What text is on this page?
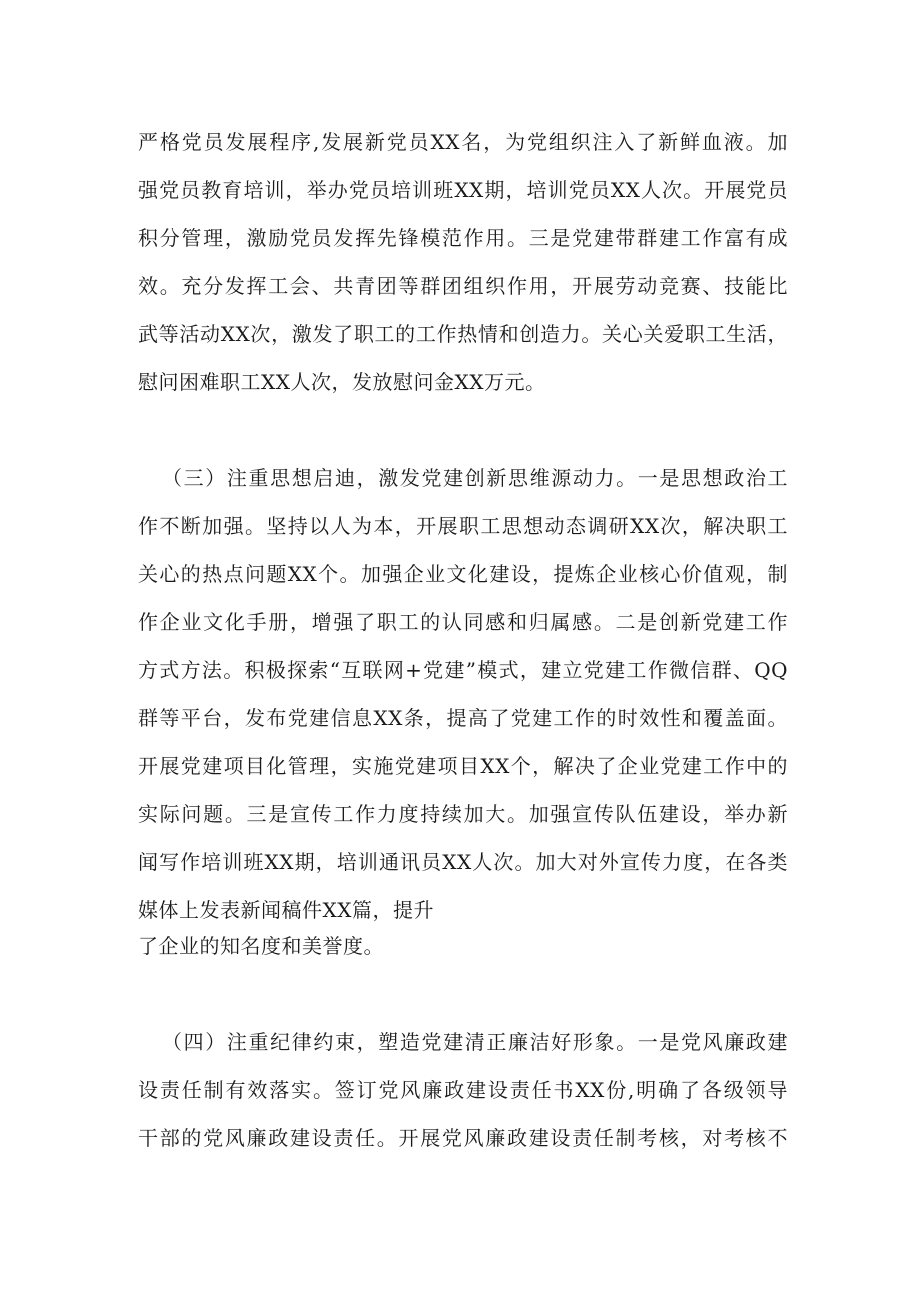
严格党员发展程序,发展新党员XX名，为党组织注入了新鲜血液。加
强党员教育培训，举办党员培训班XX期，培训党员XX人次。开展党员
积分管理，激励党员发挥先锋模范作用。三是党建带群建工作富有成
效。充分发挥工会、共青团等群团组织作用，开展劳动竞赛、技能比
武等活动XX次，激发了职工的工作热情和创造力。关心关爱职工生活，
慰问困难职工XX人次，发放慰问金XX万元。
（三）注重思想启迪，激发党建创新思维源动力。一是思想政治工
作不断加强。坚持以人为本，开展职工思想动态调研XX次，解决职工
关心的热点问题XX个。加强企业文化建设，提炼企业核心价值观，制
作企业文化手册，增强了职工的认同感和归属感。二是创新党建工作
方式方法。积极探索“互联网+党建”模式，建立党建工作微信群、QQ
群等平台，发布党建信息XX条，提高了党建工作的时效性和覆盖面。
开展党建项目化管理，实施党建项目XX个，解决了企业党建工作中的
实际问题。三是宣传工作力度持续加大。加强宣传队伍建设，举办新
闻写作培训班XX期，培训通讯员XX人次。加大对外宣传力度，在各类
媒体上发表新闻稿件XX篇，提升
了企业的知名度和美誉度。
（四）注重纪律约束，塑造党建清正廉洁好形象。一是党风廉政建
设责任制有效落实。签订党风廉政建设责任书XX份,明确了各级领导
干部的党风廉政建设责任。开展党风廉政建设责任制考核，对考核不
